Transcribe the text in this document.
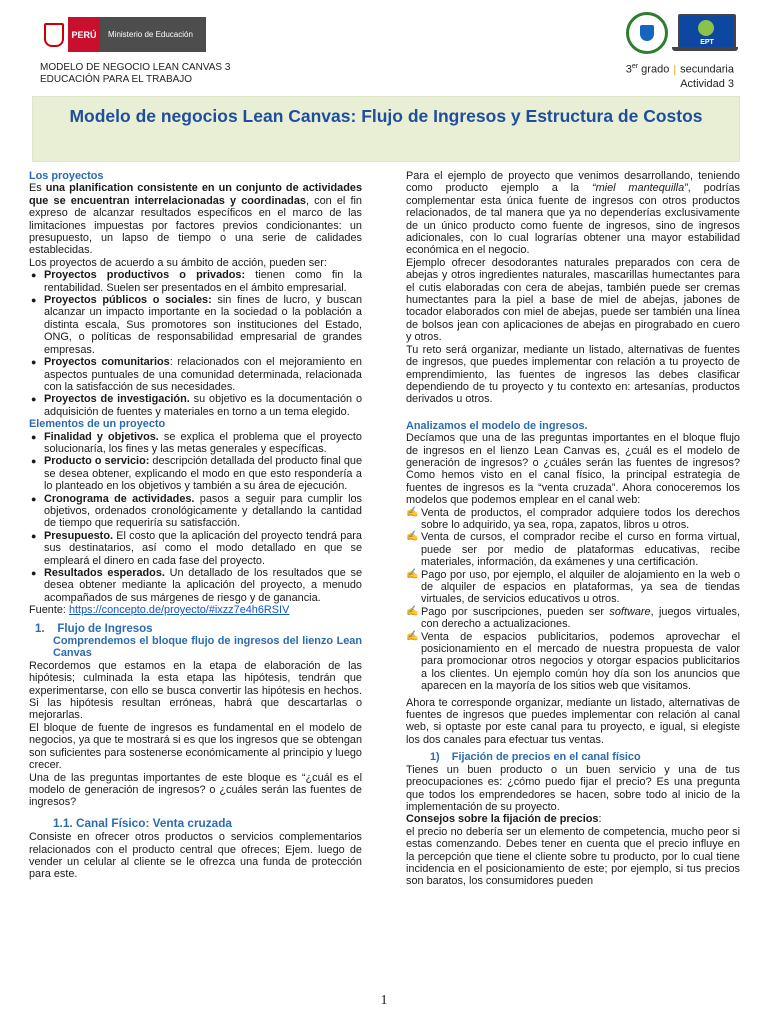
PERÚ	Ministerio de Educación
MODELO DE NEGOCIO LEAN CANVAS 3
EDUCACIÓN PARA EL TRABAJO
EPT
3er grado | secundaria
Actividad 3
Modelo de negocios Lean Canvas: Flujo de Ingresos y Estructura de Costos

Los proyectos

Es una planification consistente en un conjunto de actividades que se encuentran interrelacionadas y coordinadas, con el fin expreso de alcanzar resultados específicos en el marco de las limitaciones impuestas por factores previos condicionantes: un presupuesto, un lapso de tiempo o una serie de calidades establecidas.

Los proyectos de acuerdo a su ámbito de acción, pueden ser:

● Proyectos productivos o privados: tienen como fin la rentabilidad. Suelen ser presentados en el ámbito empresarial.
● Proyectos públicos o sociales: sin fines de lucro, y buscan alcanzar un impacto importante en la sociedad o la población a distinta escala, Sus promotores son instituciones del Estado, ONG, o políticas de responsabilidad empresarial de grandes empresas.
● Proyectos comunitarios: relacionados con el mejoramiento en aspectos puntuales de una comunidad determinada, relacionada con la satisfacción de sus necesidades.
● Proyectos de investigación. su objetivo es la documentación o adquisición de fuentes y materiales en torno a un tema elegido.

Elementos de un proyecto

● Finalidad y objetivos. se explica el problema que el proyecto solucionaría, los fines y las metas generales y específicas.
● Producto o servicio: descripción detallada del producto final que se desea obtener, explicando el modo en que esto respondería a lo planteado en los objetivos y también a su área de ejecución.
● Cronograma de actividades. pasos a seguir para cumplir los objetivos, ordenados cronológicamente y detallando la cantidad de tiempo que requeriría su satisfacción.
● Presupuesto. El costo que la aplicación del proyecto tendrá para sus destinatarios, así como el modo detallado en que se empleará el dinero en cada fase del proyecto.
● Resultados esperados. Un detallado de los resultados que se desea obtener mediante la aplicación del proyecto, a menudo acompañados de sus márgenes de riesgo y de ganancia.

Fuente: https://concepto.de/proyecto/#ixzz7e4h6RSIV

1. Flujo de Ingresos

Comprendemos el bloque flujo de ingresos del lienzo Lean Canvas

Recordemos que estamos en la etapa de elaboración de las hipótesis; culminada la esta etapa las hipótesis, tendrán que experimentarse, con ello se busca convertir las hipótesis en hechos. Si las hipótesis resultan erróneas, habrá que descartarlas o mejorarlas.

El bloque de fuente de ingresos es fundamental en el modelo de negocios, ya que te mostrará si es que los ingresos que se obtengan son suficientes para sostenerse económicamente al principio y luego crecer.

Una de las preguntas importantes de este bloque es “¿cuál es el modelo de generación de ingresos? o ¿cuáles serán las fuentes de ingresos?

1.1. Canal Físico: Venta cruzada

Consiste en ofrecer otros productos o servicios complementarios relacionados con el producto central que ofreces; Ejem. luego de vender un celular al cliente se le ofrezca una funda de protección para este.

Para el ejemplo de proyecto que venimos desarrollando, teniendo como producto ejemplo a la “miel mantequilla”, podrías complementar esta única fuente de ingresos con otros productos relacionados, de tal manera que ya no dependerías exclusivamente de un único producto como fuente de ingresos, sino de ingresos adicionales, con lo cual lograrías obtener una mayor estabilidad económica en el negocio.

Ejemplo ofrecer desodorantes naturales preparados con cera de abejas y otros ingredientes naturales, mascarillas humectantes para el cutis elaboradas con cera de abejas, también puede ser cremas humectantes para la piel a base de miel de abejas, jabones de tocador elaborados con miel de abejas, puede ser también una línea de bolsos jean con aplicaciones de abejas en pirograbado en cuero y otros.

Tu reto será organizar, mediante un listado, alternativas de fuentes de ingresos, que puedes implementar con relación a tu proyecto de emprendimiento, las fuentes de ingresos las debes clasificar dependiendo de tu proyecto y tu contexto en: artesanías, productos derivados u otros.

Analizamos el modelo de ingresos.

Decíamos que una de las preguntas importantes en el bloque flujo de ingresos en el lienzo Lean Canvas es, ¿cuál es el modelo de generación de ingresos? o ¿cuáles serán las fuentes de ingresos? Como hemos visto en el canal físico, la principal estrategia de fuentes de ingresos es la “venta cruzada”. Ahora conoceremos los modelos que podemos emplear en el canal web:

✍ Venta de productos, el comprador adquiere todos los derechos sobre lo adquirido, ya sea, ropa, zapatos, libros u otros.
✍ Venta de cursos, el comprador recibe el curso en forma virtual, puede ser por medio de plataformas educativas, recibe materiales, información, da exámenes y una certificación.
✍ Pago por uso, por ejemplo, el alquiler de alojamiento en la web o de alquiler de espacios en plataformas, ya sea de tiendas virtuales, de servicios educativos u otros.
✍ Pago por suscripciones, pueden ser software, juegos virtuales, con derecho a actualizaciones.
✍ Venta de espacios publicitarios, podemos aprovechar el posicionamiento en el mercado de nuestra propuesta de valor para promocionar otros negocios y otorgar espacios publicitarios a los clientes. Un ejemplo común hoy día son los anuncios que aparecen en la mayoría de los sitios web que visitamos.

Ahora te corresponde organizar, mediante un listado, alternativas de fuentes de ingresos que puedes implementar con relación al canal web, si optaste por este canal para tu proyecto, e igual, si elegiste los dos canales para efectuar tus ventas.

1) Fijación de precios en el canal físico

Tienes un buen producto o un buen servicio y una de tus preocupaciones es: ¿cómo puedo fijar el precio? Es una pregunta que todos los emprendedores se hacen, sobre todo al inicio de la implementación de su proyecto.

Consejos sobre la fijación de precios:

el precio no debería ser un elemento de competencia, mucho peor si estas comenzando. Debes tener en cuenta que el precio influye en la percepción que tiene el cliente sobre tu producto, por lo cual tiene incidencia en el posicionamiento de este; por ejemplo, si tus precios son baratos, los consumidores pueden

1
